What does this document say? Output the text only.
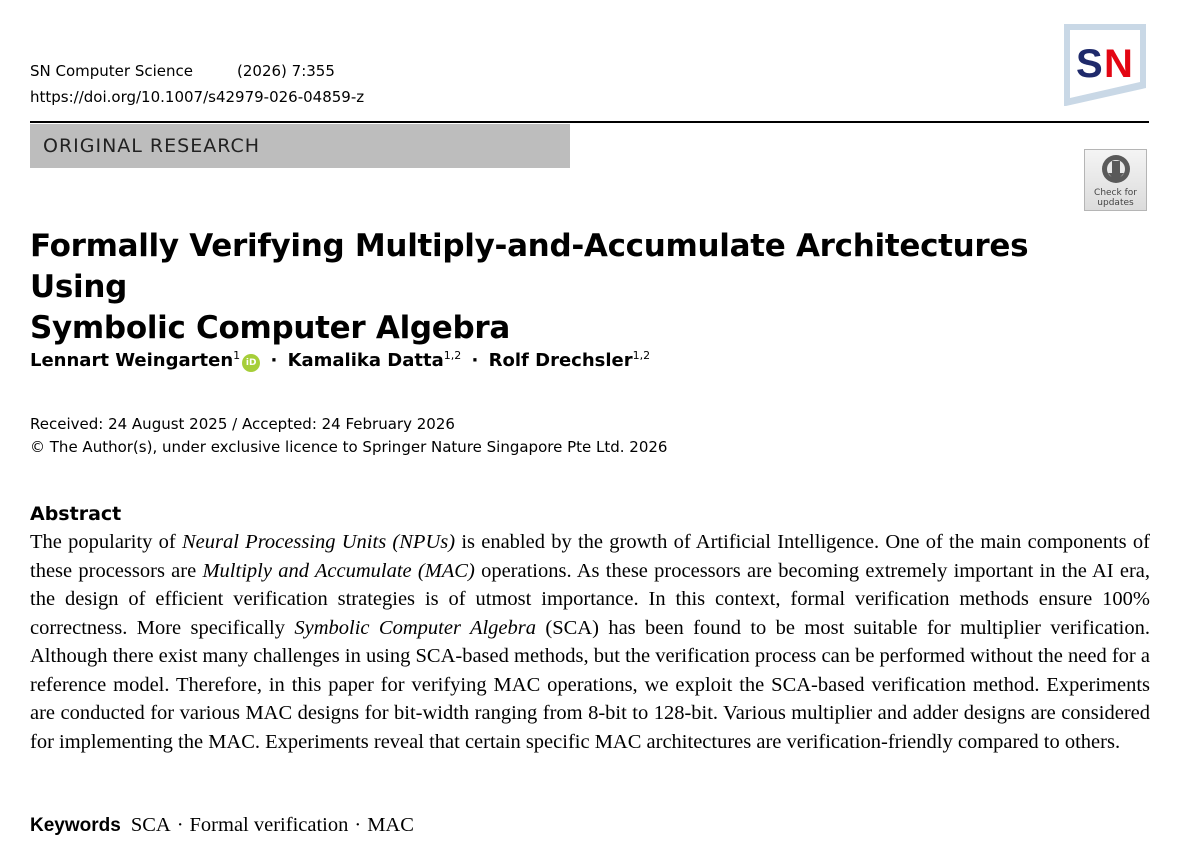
SN Computer Science	(2026) 7:355
https://doi.org/10.1007/s42979-026-04859-z
S N
ORIGINAL RESEARCH
Check for
updates
Formally Verifying Multiply-and-Accumulate Architectures Using
Symbolic Computer Algebra
Lennart Weingarten$^1$iD · Kamalika Datta$^{1,2}$ · Rolf Drechsler$^{1,2}$
Received: 24 August 2025 / Accepted: 24 February 2026
© The Author(s), under exclusive licence to Springer Nature Singapore Pte Ltd. 2026
Abstract
The popularity of Neural Processing Units (NPUs) is enabled by the growth of Artificial Intelligence. One of the main components of these processors are Multiply and Accumulate (MAC) operations. As these processors are becoming extremely important in the AI era, the design of efficient verification strategies is of utmost importance. In this context, formal verification methods ensure 100% correctness. More specifically Symbolic Computer Algebra (SCA) has been found to be most suitable for multiplier verification. Although there exist many challenges in using SCA-based methods, but the verification process can be performed without the need for a reference model. Therefore, in this paper for verifying MAC operations, we exploit the SCA-based verification method. Experiments are conducted for various MAC designs for bit-width ranging from 8-bit to 128-bit. Various multiplier and adder designs are considered for implementing the MAC. Experiments reveal that certain specific MAC architectures are verification-friendly compared to others.
Keywords SCA · Formal verification · MAC
